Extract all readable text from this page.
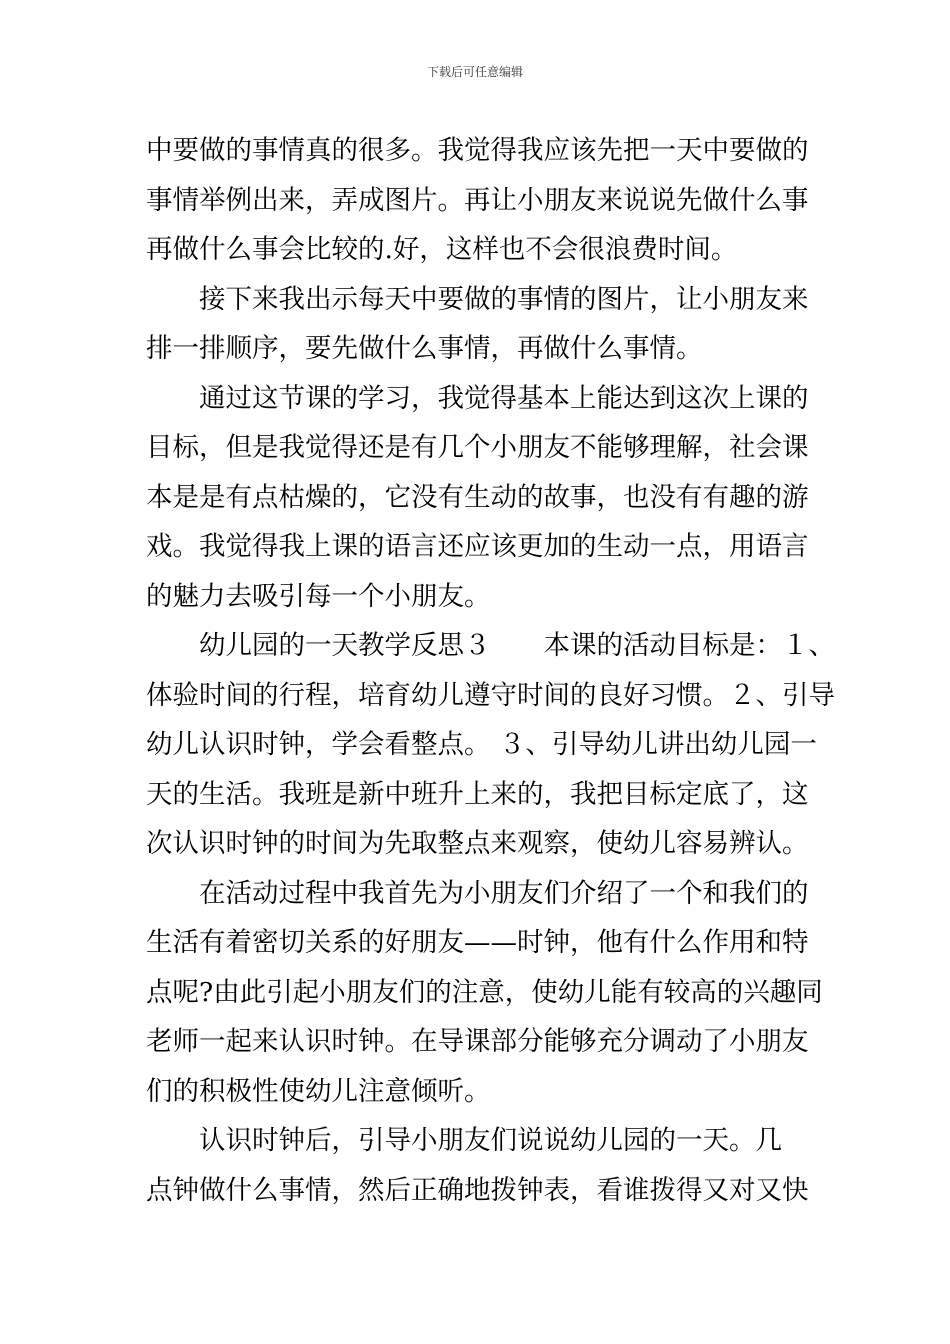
下载后可任意编辑
中要做的事情真的很多。我觉得我应该先把一天中要做的
事情举例出来，弄成图片。再让小朋友来说说先做什么事
再做什么事会比较的.好，这样也不会很浪费时间。
接下来我出示每天中要做的事情的图片，让小朋友来
排一排顺序，要先做什么事情，再做什么事情。
通过这节课的学习，我觉得基本上能达到这次上课的
目标，但是我觉得还是有几个小朋友不能够理解，社会课
本是是有点枯燥的，它没有生动的故事，也没有有趣的游
戏。我觉得我上课的语言还应该更加的生动一点，用语言
的魅力去吸引每一个小朋友。
幼儿园的一天教学反思３　　本课的活动目标是：１、
体验时间的行程，培育幼儿遵守时间的良好习惯。２、引导
幼儿认识时钟，学会看整点。 ３、引导幼儿讲出幼儿园一
天的生活。我班是新中班升上来的，我把目标定底了，这
次认识时钟的时间为先取整点来观察，使幼儿容易辨认。
在活动过程中我首先为小朋友们介绍了一个和我们的
生活有着密切关系的好朋友——时钟，他有什么作用和特
点呢?由此引起小朋友们的注意，使幼儿能有较高的兴趣同
老师一起来认识时钟。在导课部分能够充分调动了小朋友
们的积极性使幼儿注意倾听。
认识时钟后，引导小朋友们说说幼儿园的一天。几
点钟做什么事情，然后正确地拨钟表，看谁拨得又对又快
